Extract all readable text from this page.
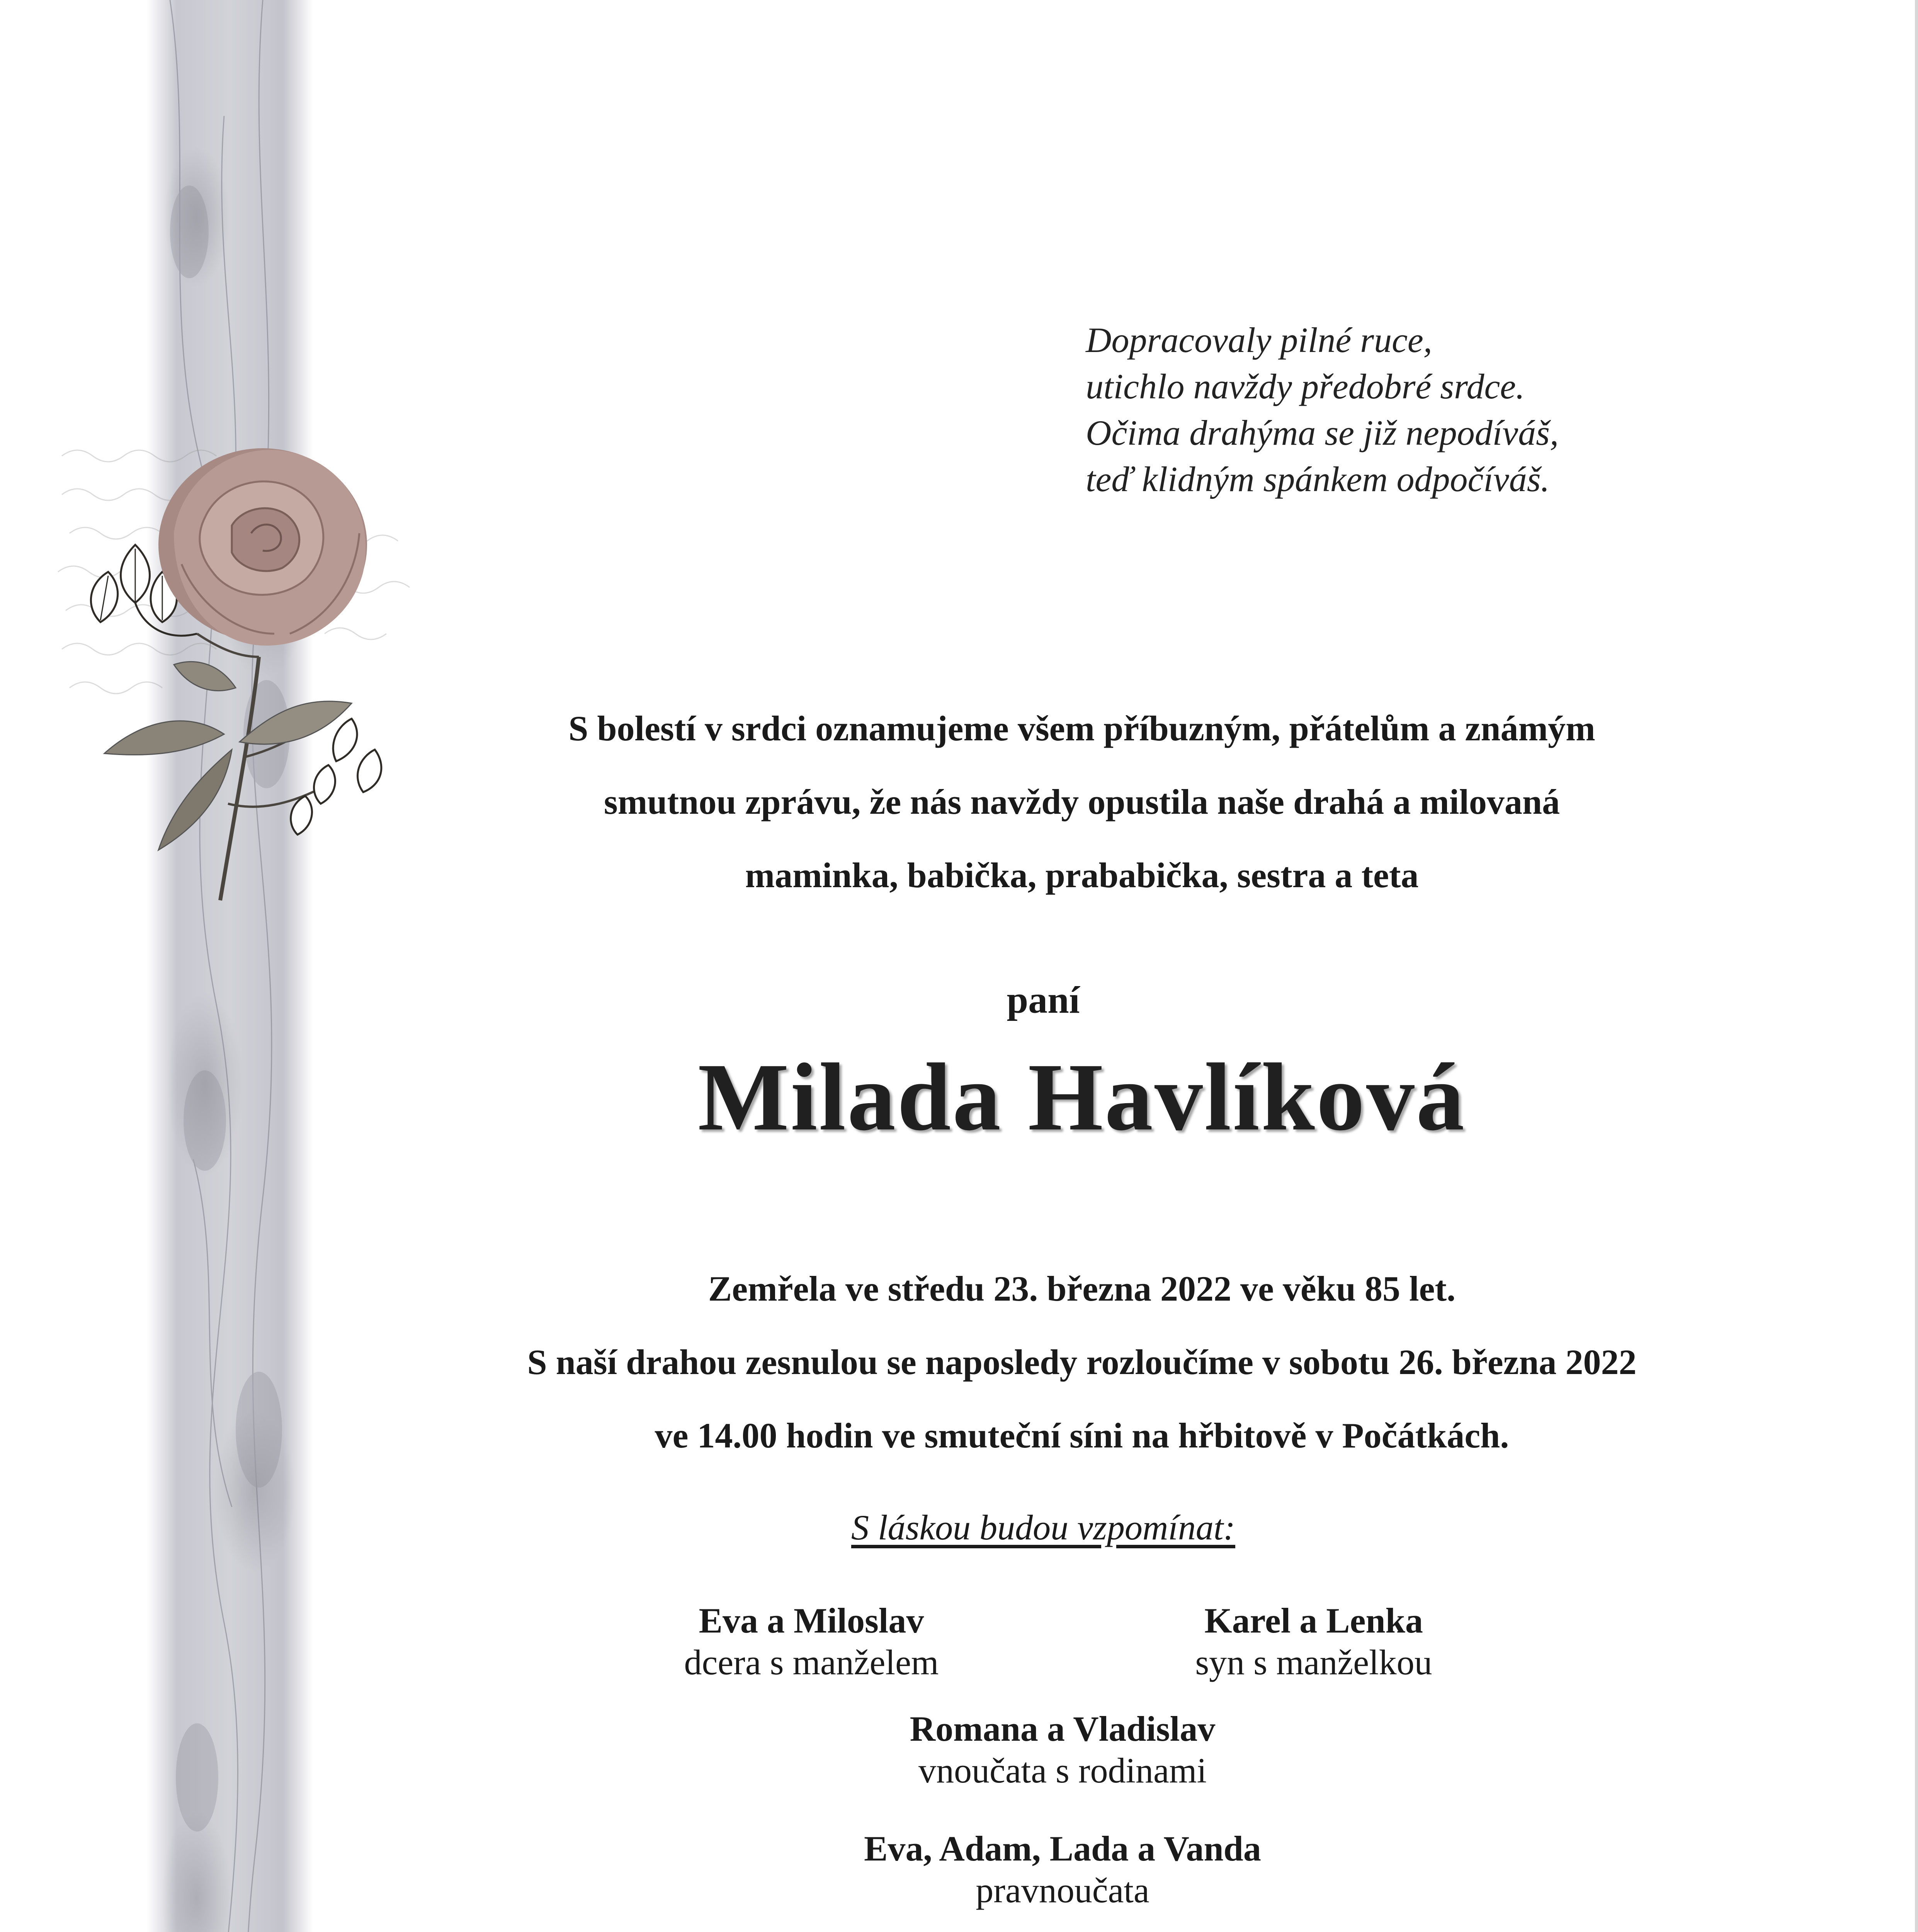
Dopracovaly pilné ruce,
utichlo navždy předobré srdce.
Očima drahýma se již nepodíváš,
teď klidným spánkem odpočíváš.
S bolestí v srdci oznamujeme všem příbuzným, přátelům a známým
smutnou zprávu, že nás navždy opustila naše drahá a milovaná
maminka, babička, prababička, sestra a teta
paní
Milada Havlíková
Zemřela ve středu 23. března 2022 ve věku 85 let.
S naší drahou zesnulou se naposledy rozloučíme v sobotu 26. března 2022
ve 14.00 hodin ve smuteční síni na hřbitově v Počátkách.
S láskou budou vzpomínat:
Eva a Miloslav
dcera s manželem
Karel a Lenka
syn s manželkou
Romana a Vladislav
vnoučata s rodinami
Eva, Adam, Lada a Vanda
pravnoučata
